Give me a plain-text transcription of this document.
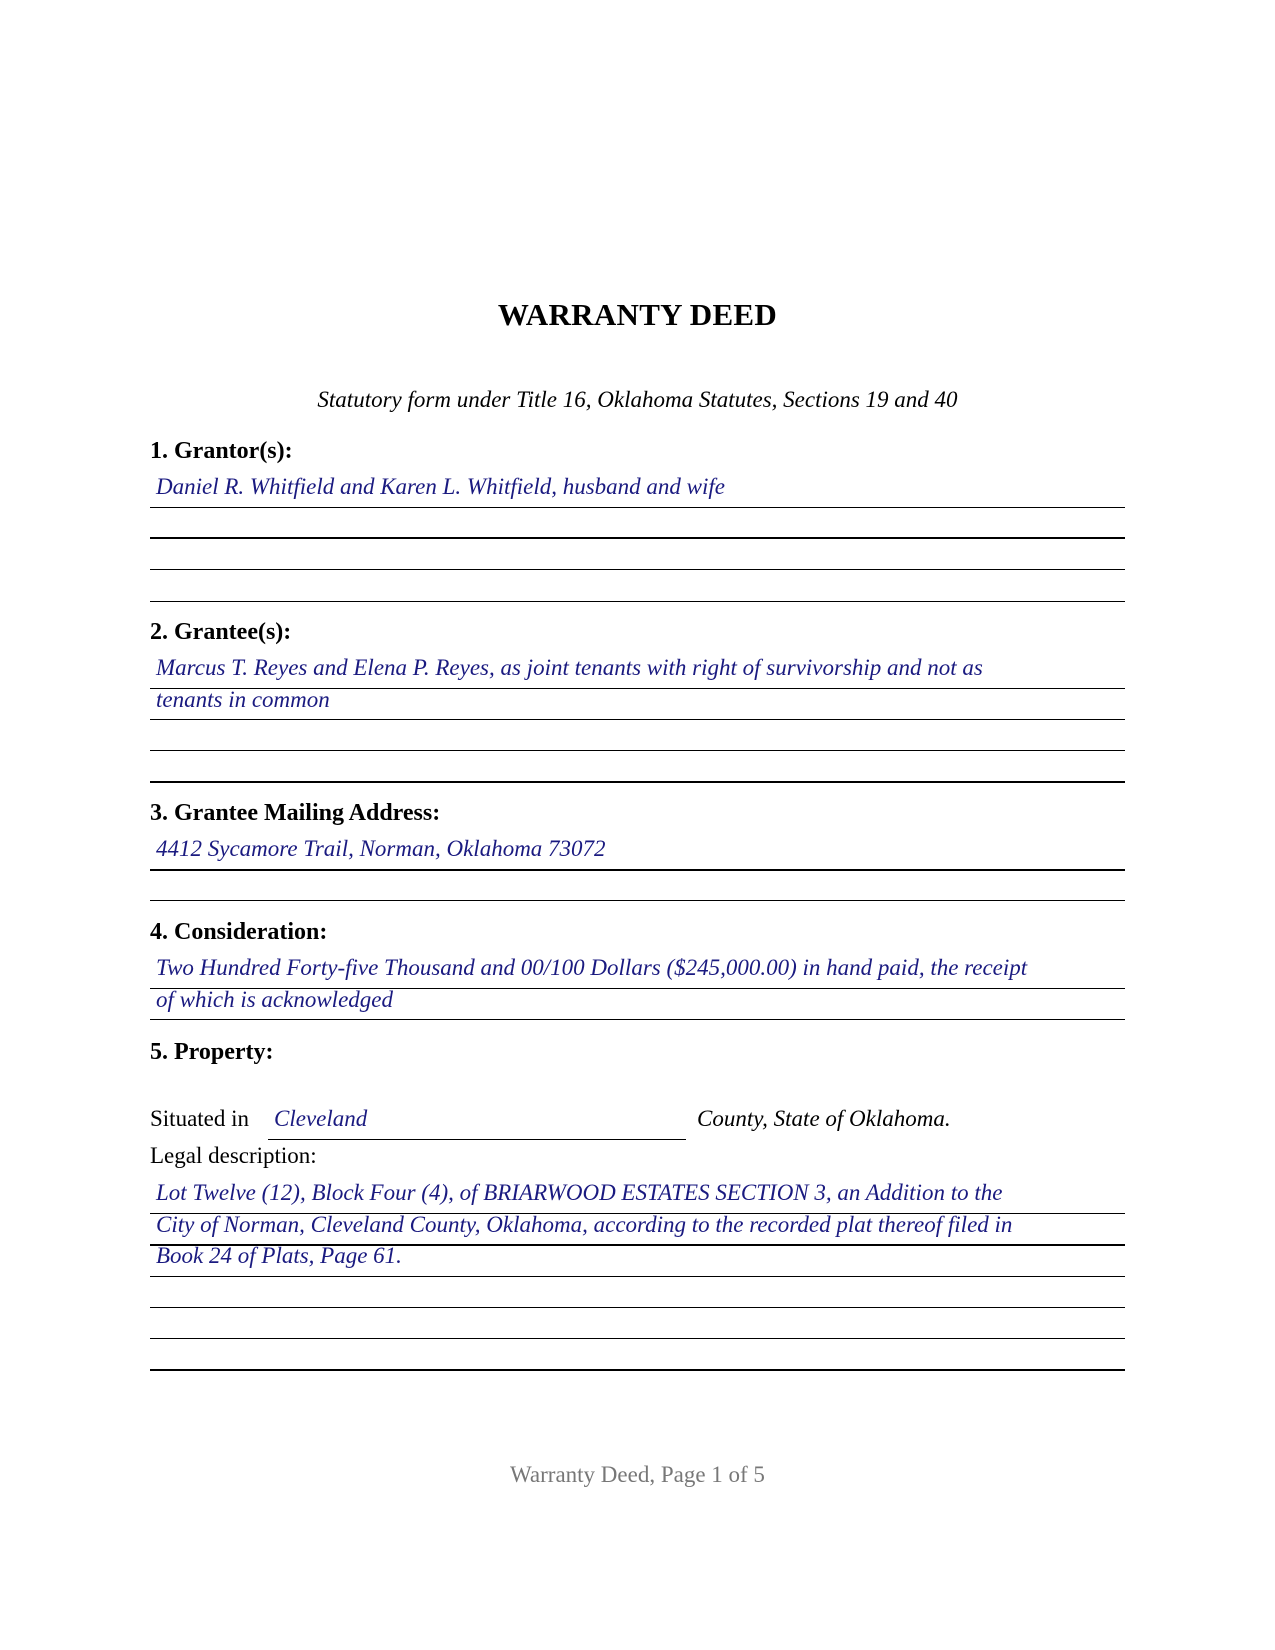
WARRANTY DEED
Statutory form under Title 16, Oklahoma Statutes, Sections 19 and 40
1. Grantor(s):
Daniel R. Whitfield and Karen L. Whitfield, husband and wife
2. Grantee(s):
Marcus T. Reyes and Elena P. Reyes, as joint tenants with right of survivorship and not as
tenants in common
3. Grantee Mailing Address:
4412 Sycamore Trail, Norman, Oklahoma 73072
4. Consideration:
Two Hundred Forty-five Thousand and 00/100 Dollars ($245,000.00) in hand paid, the receipt
of which is acknowledged
5. Property:
Situated in Cleveland	County, State of Oklahoma.
Legal description:
Lot Twelve (12), Block Four (4), of BRIARWOOD ESTATES SECTION 3, an Addition to the
City of Norman, Cleveland County, Oklahoma, according to the recorded plat thereof filed in
Book 24 of Plats, Page 61.
Warranty Deed, Page 1 of 5
